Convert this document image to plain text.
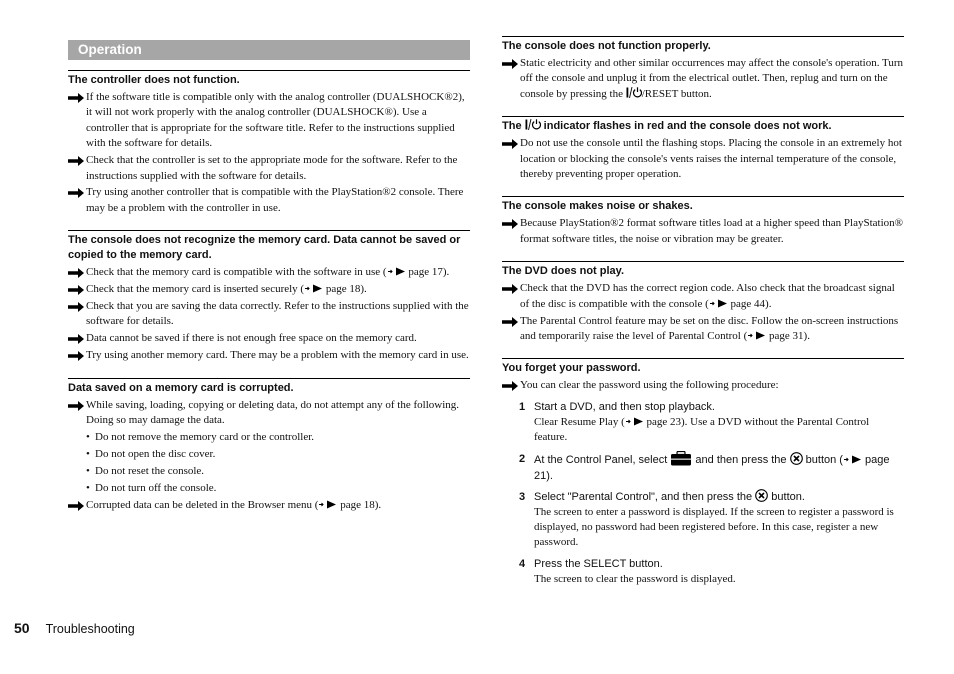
Operation
The controller does not function.
If the software title is compatible only with the analog controller (DUALSHOCK®2), it will not work properly with the analog controller (DUALSHOCK®). Use a controller that is appropriate for the software title. Refer to the instructions supplied with the software for details.
Check that the controller is set to the appropriate mode for the software. Refer to the instructions supplied with the software for details.
Try using another controller that is compatible with the PlayStation®2 console. There may be a problem with the controller in use.
The console does not recognize the memory card. Data cannot be saved or copied to the memory card.
Check that the memory card is compatible with the software in use ( page 17).
Check that the memory card is inserted securely ( page 18).
Check that you are saving the data correctly. Refer to the instructions supplied with the software for details.
Data cannot be saved if there is not enough free space on the memory card.
Try using another memory card. There may be a problem with the memory card in use.
Data saved on a memory card is corrupted.
While saving, loading, copying or deleting data, do not attempt any of the following. Doing so may damage the data.
• Do not remove the memory card or the controller.
• Do not open the disc cover.
• Do not reset the console.
• Do not turn off the console.
Corrupted data can be deleted in the Browser menu ( page 18).
The console does not function properly.
Static electricity and other similar occurrences may affect the console's operation. Turn off the console and unplug it from the electrical outlet. Then, replug and turn on the console by pressing the /RESET button.
The  indicator flashes in red and the console does not work.
Do not use the console until the flashing stops. Placing the console in an extremely hot location or blocking the console's vents raises the internal temperature of the console, thereby preventing proper operation.
The console makes noise or shakes.
Because PlayStation®2 format software titles load at a higher speed than PlayStation® format software titles, the noise or vibration may be greater.
The DVD does not play.
Check that the DVD has the correct region code. Also check that the broadcast signal of the disc is compatible with the console ( page 44).
The Parental Control feature may be set on the disc. Follow the on-screen instructions and temporarily raise the level of Parental Control ( page 31).
You forget your password.
You can clear the password using the following procedure:
1 Start a DVD, and then stop playback.
Clear Resume Play ( page 23). Use a DVD without the Parental Control feature.
2 At the Control Panel, select  and then press the  button ( page 21).
3 Select "Parental Control", and then press the  button.
The screen to enter a password is displayed. If the screen to register a password is displayed, no password had been registered before. In this case, register a new password.
4 Press the SELECT button.
The screen to clear the password is displayed.
50 Troubleshooting
